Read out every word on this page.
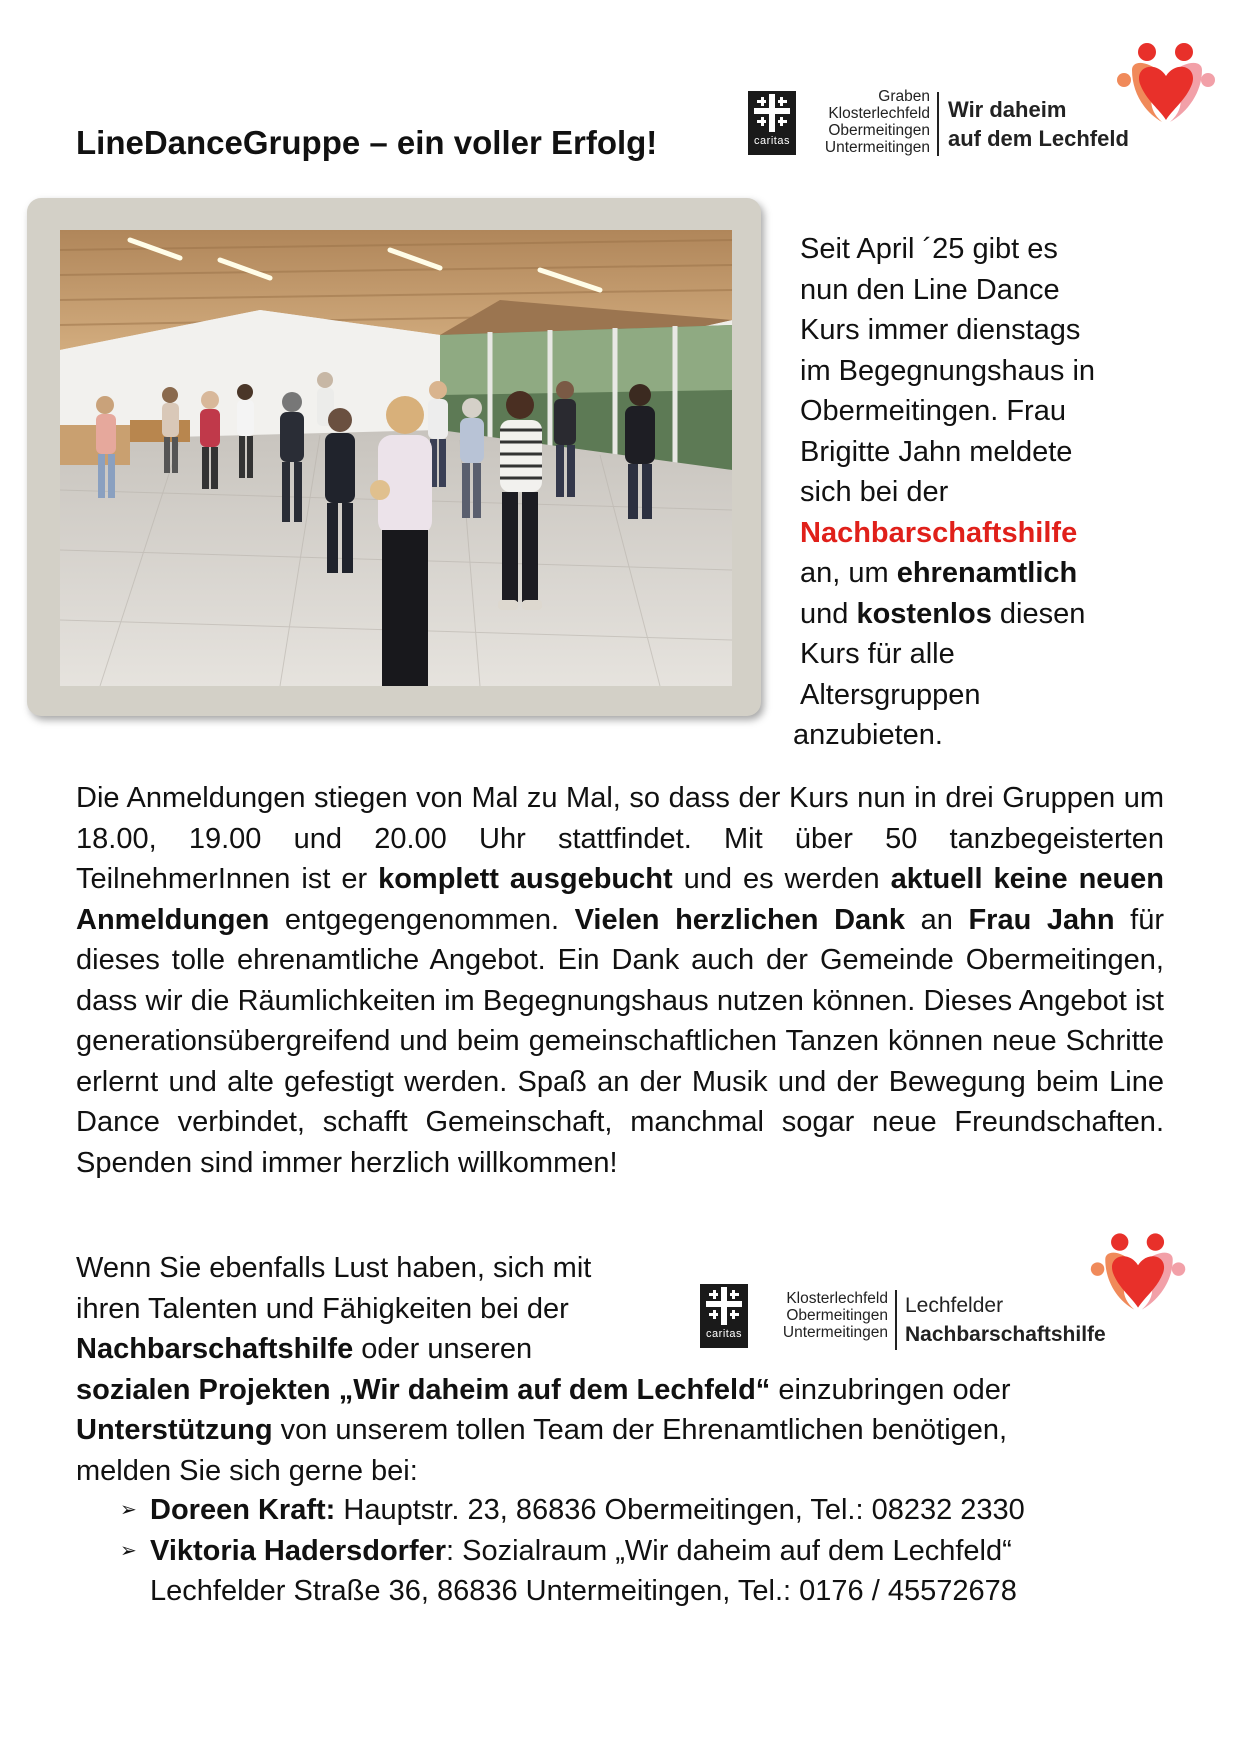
LineDanceGruppe – ein voller Erfolg!	caritas
Graben
Klosterlechfeld
Obermeitingen
Untermeitingen
Wir daheim
auf dem Lechfeld
Seit April ´25 gibt es
nun den Line Dance
Kurs immer dienstags
im Begegnungshaus in
Obermeitingen. Frau
Brigitte Jahn meldete
sich bei der
Nachbarschaftshilfe
an, um ehrenamtlich
und kostenlos diesen
Kurs für alle
Altersgruppen
anzubieten.

Die Anmeldungen stiegen von Mal zu Mal, so dass der Kurs nun in drei Gruppen um 18.00, 19.00 und 20.00 Uhr stattfindet. Mit über 50 tanzbegeisterten TeilnehmerInnen ist er komplett ausgebucht und es werden aktuell keine neuen Anmeldungen entgegengenommen. Vielen herzlichen Dank an Frau Jahn für dieses tolle ehrenamtliche Angebot. Ein Dank auch der Gemeinde Obermeitingen, dass wir die Räumlichkeiten im Begegnungshaus nutzen können. Dieses Angebot ist generationsübergreifend und beim gemeinschaftlichen Tanzen können neue Schritte erlernt und alte gefestigt werden. Spaß an der Musik und der Bewegung beim Line Dance verbindet, schafft Gemeinschaft, manchmal sogar neue Freundschaften. Spenden sind immer herzlich willkommen!

Wenn Sie ebenfalls Lust haben, sich mit
ihren Talenten und Fähigkeiten bei der
Nachbarschaftshilfe oder unseren
sozialen Projekten „Wir daheim auf dem Lechfeld“ einzubringen oder
Unterstützung von unserem tollen Team der Ehrenamtlichen benötigen,
melden Sie sich gerne bei:
caritas
Klosterlechfeld
Obermeitingen
Untermeitingen
Lechfelder
Nachbarschaftshilfe
➢ Doreen Kraft: Hauptstr. 23, 86836 Obermeitingen, Tel.: 08232 2330
➢ Viktoria Hadersdorfer: Sozialraum „Wir daheim auf dem Lechfeld“
Lechfelder Straße 36, 86836 Untermeitingen, Tel.: 0176 / 45572678
